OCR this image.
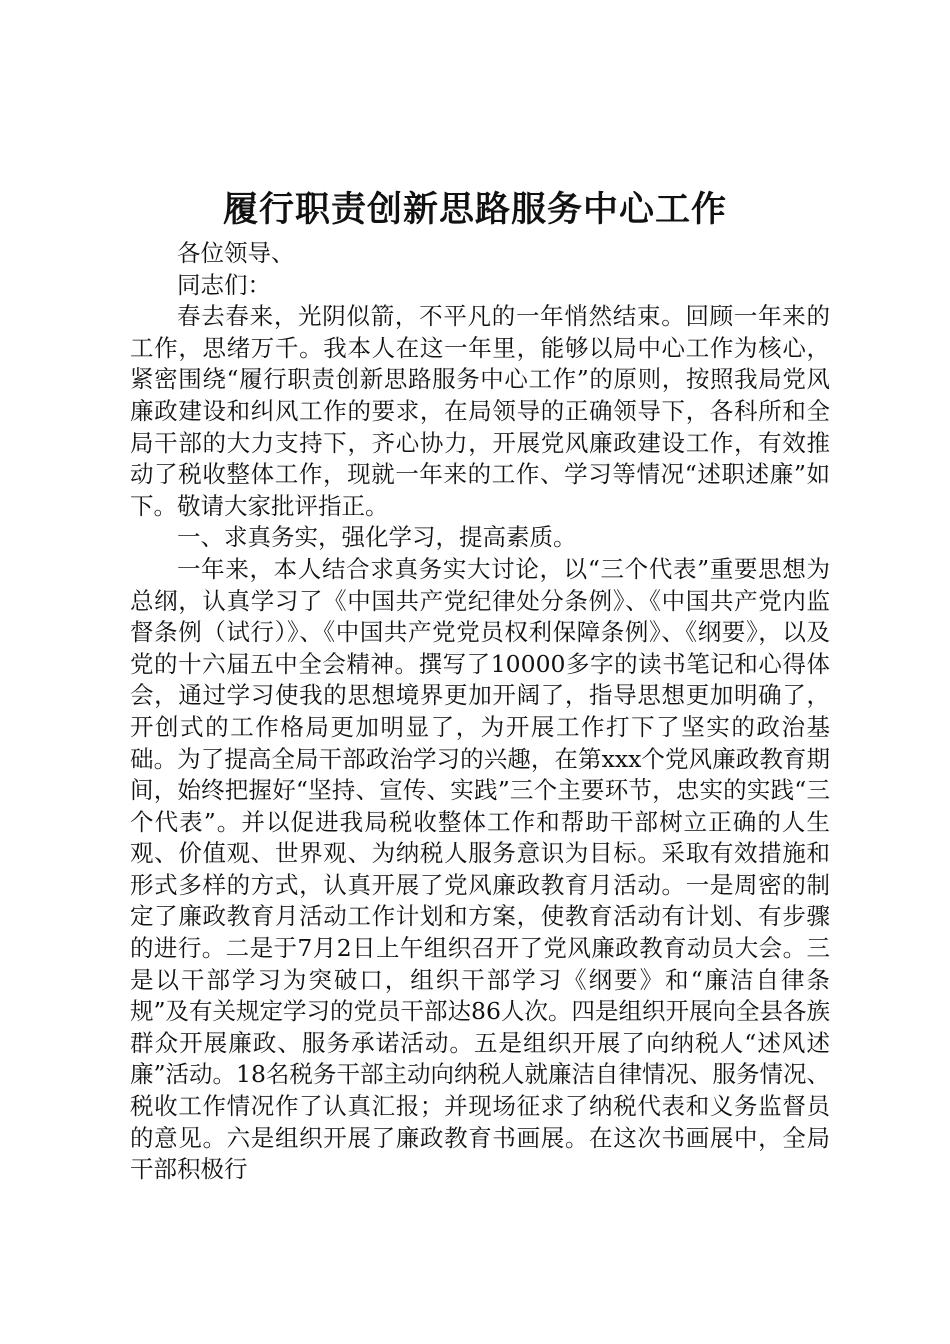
履行职责创新思路服务中心工作

各位领导、

同志们：

春去春来，光阴似箭，不平凡的一年悄然结束。回顾一年来的工作，思绪万千。我本人在这一年里，能够以局中心工作为核心，紧密围绕“履行职责创新思路服务中心工作”的原则，按照我局党风廉政建设和纠风工作的要求，在局领导的正确领导下，各科所和全局干部的大力支持下，齐心协力，开展党风廉政建设工作，有效推动了税收整体工作，现就一年来的工作、学习等情况“述职述廉”如下。敬请大家批评指正。

一、求真务实，强化学习，提高素质。

一年来，本人结合求真务实大讨论，以“三个代表”重要思想为总纲，认真学习了《中国共产党纪律处分条例》、《中国共产党内监督条例（试行）》、《中国共产党党员权利保障条例》、《纲要》，以及党的十六届五中全会精神。撰写了10000多字的读书笔记和心得体会，通过学习使我的思想境界更加开阔了，指导思想更加明确了，开创式的工作格局更加明显了，为开展工作打下了坚实的政治基础。为了提高全局干部政治学习的兴趣，在第xxx个党风廉政教育期间，始终把握好“坚持、宣传、实践”三个主要环节，忠实的实践“三个代表”。并以促进我局税收整体工作和帮助干部树立正确的人生观、价值观、世界观、为纳税人服务意识为目标。采取有效措施和形式多样的方式，认真开展了党风廉政教育月活动。一是周密的制定了廉政教育月活动工作计划和方案，使教育活动有计划、有步骤的进行。二是于7月2日上午组织召开了党风廉政教育动员大会。三是以干部学习为突破口，组织干部学习《纲要》和“廉洁自律条规”及有关规定学习的党员干部达86人次。四是组织开展向全县各族群众开展廉政、服务承诺活动。五是组织开展了向纳税人“述风述廉”活动。18名税务干部主动向纳税人就廉洁自律情况、服务情况、税收工作情况作了认真汇报；并现场征求了纳税代表和义务监督员的意见。六是组织开展了廉政教育书画展。在这次书画展中，全局干部积极行
